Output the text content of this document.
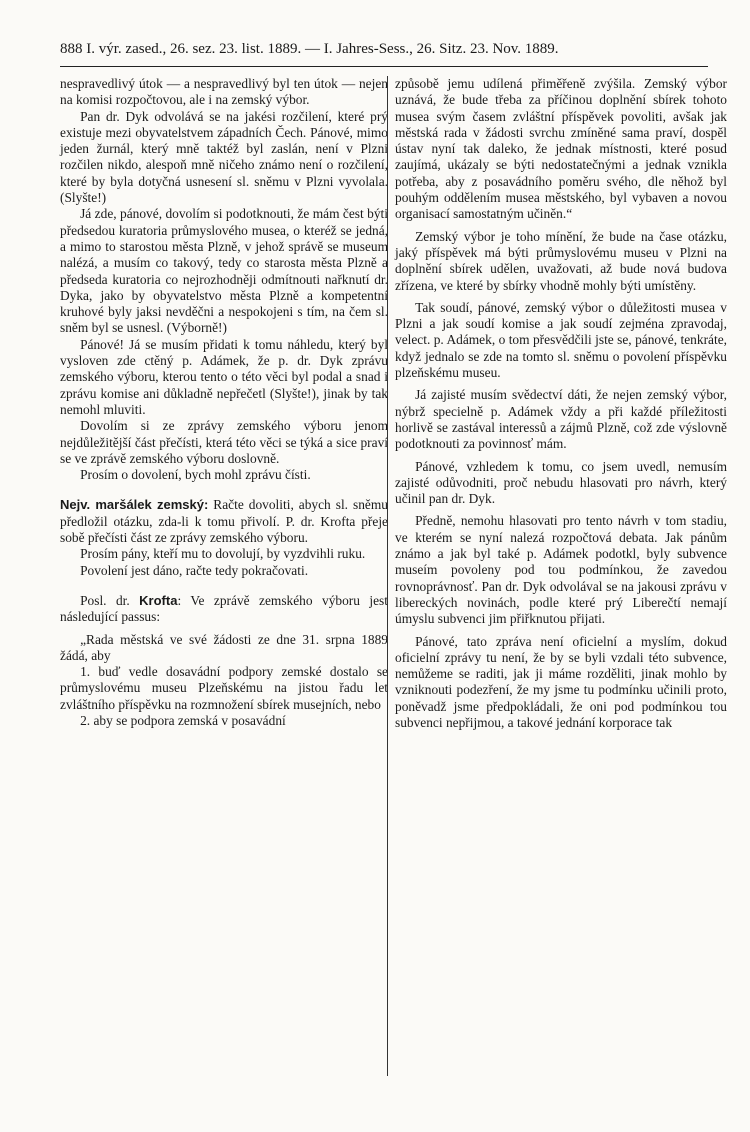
888 I. výr. zased., 26. sez. 23. list. 1889. — I. Jahres-Sess., 26. Sitz. 23. Nov. 1889.

nespravedlivý útok — a nespravedlivý byl ten útok — nejen na komisi rozpočtovou, ale i na zemský výbor.

Pan dr. Dyk odvolává se na jakési rozčilení, které prý existuje mezi obyvatelstvem západních Čech. Pánové, mimo jeden žurnál, který mně taktéž byl zaslán, není v Plzni rozčilen nikdo, alespoň mně ničeho známo není o rozčilení, které by byla dotyčná usnesení sl. sněmu v Plzni vyvolala. (Slyšte!)

Já zde, pánové, dovolím si podotknouti, že mám čest býti předsedou kuratoria průmyslového musea, o kteréž se jedná, a mimo to starostou města Plzně, v jehož správě se museum nalézá, a musím co takový, tedy co starosta města Plzně a předseda kuratoria co nejrozhodněji odmítnouti nařknutí dr. Dyka, jako by obyvatelstvo města Plzně a kompetentní kruhové byly jaksi nevděčni a nespokojeni s tím, na čem sl. sněm byl se usnesl. (Výborně!)

Pánové! Já se musím přidati k tomu náhledu, který byl vysloven zde ctěný p. Adámek, že p. dr. Dyk zprávu zemského výboru, kterou tento o této věci byl podal a snad i zprávu komise ani důkladně nepřečetl (Slyšte!), jinak by tak nemohl mluviti.

Dovolím si ze zprávy zemského výboru jenom nejdůležitější část přečísti, která této věci se týká a sice praví se ve zprávě zemského výboru doslovně.

Prosím o dovolení, bych mohl zprávu čísti.

Nejv. maršálek zemský: Račte dovoliti, abych sl. sněmu předložil otázku, zda-li k tomu přivolí. P. dr. Krofta přeje sobě přečísti část ze zprávy zemského výboru.

Prosím pány, kteří mu to dovolují, by vyzdvihli ruku.

Povolení jest dáno, račte tedy pokračovati.

Posl. dr. Krofta: Ve zprávě zemského výboru jest následující passus:

„Rada městská ve své žádosti ze dne 31. srpna 1889 žádá, aby

1. buď vedle dosavádní podpory zemské dostalo se průmyslovému museu Plzeňskému na jistou řadu let zvláštního příspěvku na rozmnožení sbírek musejních, nebo

2. aby se podpora zemská v posavádní

způsobě jemu udílená přiměřeně zvýšila. Zemský výbor uznává, že bude třeba za příčinou doplnění sbírek tohoto musea svým časem zvláštní příspěvek povoliti, avšak jak městská rada v žádosti svrchu zmíněné sama praví, dospěl ústav nyní tak daleko, že jednak místnosti, které posud zaujímá, ukázaly se býti nedostatečnými a jednak vznikla potřeba, aby z posavádního poměru svého, dle něhož byl pouhým oddělením musea městského, byl vybaven a novou organisací samostatným učiněn.“

Zemský výbor je toho mínění, že bude na čase otázku, jaký příspěvek má býti průmyslovému museu v Plzni na doplnění sbírek udělen, uvažovati, až bude nová budova zřízena, ve které by sbírky vhodně mohly býti umístěny.

Tak soudí, pánové, zemský výbor o důležitosti musea v Plzni a jak soudí komise a jak soudí zejména zpravodaj, velect. p. Adámek, o tom přesvědčili jste se, pánové, tenkráte, když jednalo se zde na tomto sl. sněmu o povolení příspěvku plzeňskému museu.

Já zajisté musím svědectví dáti, že nejen zemský výbor, nýbrž specielně p. Adámek vždy a při každé příležitosti horlivě se zastával interessů a zájmů Plzně, což zde výslovně podotknouti za povinnosť mám.

Pánové, vzhledem k tomu, co jsem uvedl, nemusím zajisté odůvodniti, proč nebudu hlasovati pro návrh, který učinil pan dr. Dyk.

Předně, nemohu hlasovati pro tento návrh v tom stadiu, ve kterém se nyní nalezá rozpočtová debata. Jak pánům známo a jak byl také p. Adámek podotkl, byly subvence museím povoleny pod tou podmínkou, že zavedou rovnoprávnosť. Pan dr. Dyk odvolával se na jakousi zprávu v libereckých novinách, podle které prý Liberečtí nemají úmyslu subvenci jim přiřknutou přijati.

Pánové, tato zpráva není oficielní a myslím, dokud oficielní zprávy tu není, že by se byli vzdali této subvence, nemůžeme se raditi, jak ji máme rozděliti, jinak mohlo by vzniknouti podezření, že my jsme tu podmínku učinili proto, poněvadž jsme předpokládali, že oni pod podmínkou tou subvenci nepřijmou, a takové jednání korporace tak
